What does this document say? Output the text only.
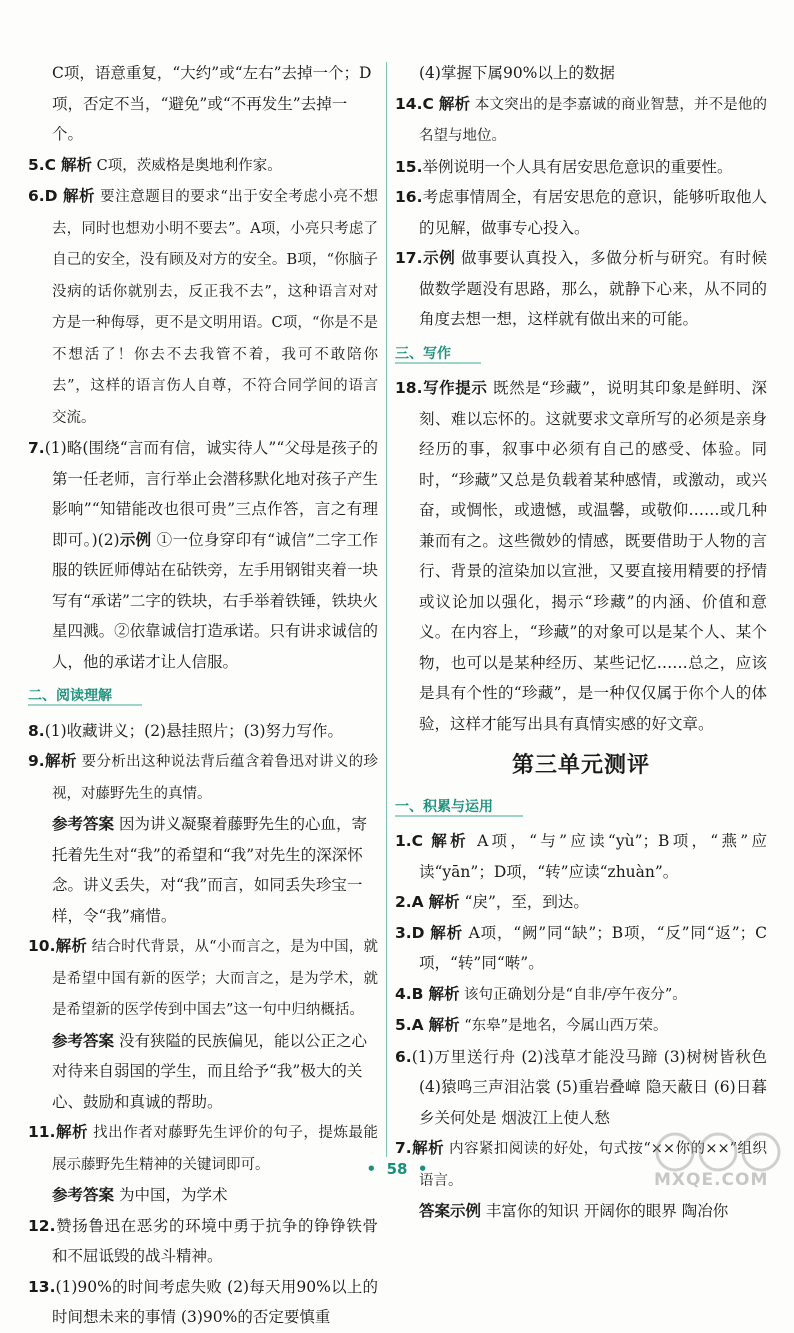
C项，语意重复，“大约”或“左右”去掉一个；D项，否定不当，“避免”或“不再发生”去掉一个。

5.C 解析 C项，茨威格是奥地利作家。

6.D 解析 要注意题目的要求“出于安全考虑小亮不想去，同时也想劝小明不要去”。A项，小亮只考虑了自己的安全，没有顾及对方的安全。B项，“你脑子没病的话你就别去，反正我不去”，这种语言对对方是一种侮辱，更不是文明用语。C项，“你是不是不想活了！你去不去我管不着，我可不敢陪你去”，这样的语言伤人自尊，不符合同学间的语言交流。

7.(1)略(围绕“言而有信，诚实待人”“父母是孩子的第一任老师，言行举止会潜移默化地对孩子产生影响”“知错能改也很可贵”三点作答，言之有理即可。)(2)示例 ①一位身穿印有“诚信”二字工作服的铁匠师傅站在砧铁旁，左手用钢钳夹着一块写有“承诺”二字的铁块，右手举着铁锤，铁块火星四溅。②依靠诚信打造承诺。只有讲求诚信的人，他的承诺才让人信服。

二、阅读理解

8.(1)收藏讲义；(2)悬挂照片；(3)努力写作。

9.解析 要分析出这种说法背后蕴含着鲁迅对讲义的珍视，对藤野先生的真情。

参考答案 因为讲义凝聚着藤野先生的心血，寄托着先生对“我”的希望和“我”对先生的深深怀念。讲义丢失，对“我”而言，如同丢失珍宝一样，令“我”痛惜。

10.解析 结合时代背景，从“小而言之，是为中国，就是希望中国有新的医学；大而言之，是为学术，就是希望新的医学传到中国去”这一句中归纳概括。

参考答案 没有狭隘的民族偏见，能以公正之心对待来自弱国的学生，而且给予“我”极大的关心、鼓励和真诚的帮助。

11.解析 找出作者对藤野先生评价的句子，提炼最能展示藤野先生精神的关键词即可。

参考答案 为中国，为学术

12.赞扬鲁迅在恶劣的环境中勇于抗争的铮铮铁骨和不屈诋毁的战斗精神。

13.(1)90%的时间考虑失败 (2)每天用90%以上的时间想未来的事情 (3)90%的否定要慎重

(4)掌握下属90%以上的数据

14.C 解析 本文突出的是李嘉诚的商业智慧，并不是他的名望与地位。

15.举例说明一个人具有居安思危意识的重要性。

16.考虑事情周全，有居安思危的意识，能够听取他人的见解，做事专心投入。

17.示例 做事要认真投入，多做分析与研究。有时候做数学题没有思路，那么，就静下心来，从不同的角度去想一想，这样就有做出来的可能。

三、写作

18.写作提示 既然是“珍藏”，说明其印象是鲜明、深刻、难以忘怀的。这就要求文章所写的必须是亲身经历的事，叙事中必须有自己的感受、体验。同时，“珍藏”又总是负载着某种感情，或激动，或兴奋，或惆怅，或遗憾，或温馨，或敬仰……或几种兼而有之。这些微妙的情感，既要借助于人物的言行、背景的渲染加以宣泄，又要直接用精要的抒情或议论加以强化，揭示“珍藏”的内涵、价值和意义。在内容上，“珍藏”的对象可以是某个人、某个物，也可以是某种经历、某些记忆……总之，应该是具有个性的“珍藏”，是一种仅仅属于你个人的体验，这样才能写出具有真情实感的好文章。

第三单元测评
一、积累与运用

1.C 解析 A项，“与”应读“yù”；B项，“燕”应读“yān”；D项，“转”应读“zhuàn”。

2.A 解析 “戾”，至，到达。

3.D 解析 A项，“阙”同“缺”；B项，“反”同“返”；C项，“转”同“啭”。

4.B 解析 该句正确划分是“自非/亭午夜分”。

5.A 解析 “东皋”是地名，今属山西万荣。

6.(1)万里送行舟 (2)浅草才能没马蹄 (3)树树皆秋色 (4)猿鸣三声泪沾裳 (5)重岩叠嶂 隐天蔽日 (6)日暮乡关何处是 烟波江上使人愁

7.解析 内容紧扣阅读的好处，句式按“××你的××”组织语言。

答案示例 丰富你的知识 开阔你的眼界 陶冶你

• 58 •
MXQE.COM
